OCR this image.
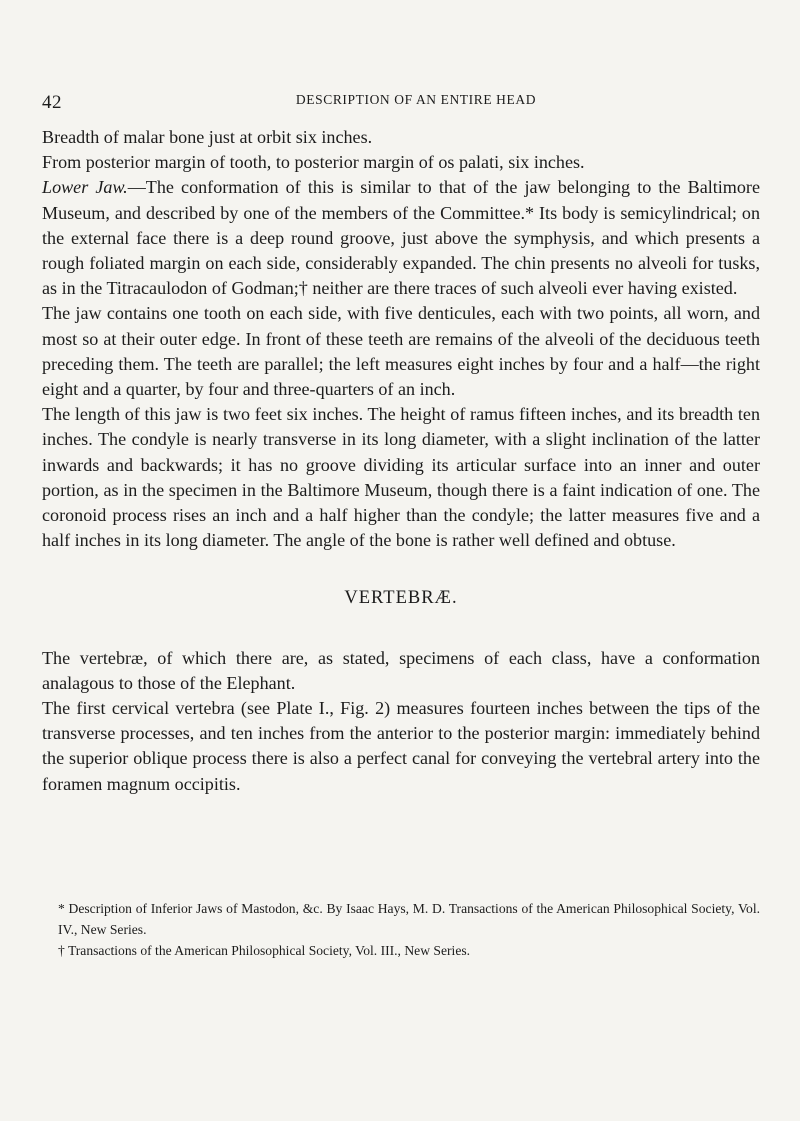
42	DESCRIPTION OF AN ENTIRE HEAD

Breadth of malar bone just at orbit six inches.

From posterior margin of tooth, to posterior margin of os palati, six inches.

Lower Jaw.—The conformation of this is similar to that of the jaw belonging to the Baltimore Museum, and described by one of the members of the Committee.* Its body is semicylindrical; on the external face there is a deep round groove, just above the symphysis, and which presents a rough foliated margin on each side, considerably expanded. The chin presents no alveoli for tusks, as in the Titracaulodon of Godman;† neither are there traces of such alveoli ever having existed.

The jaw contains one tooth on each side, with five denticules, each with two points, all worn, and most so at their outer edge. In front of these teeth are remains of the alveoli of the deciduous teeth preceding them. The teeth are parallel; the left measures eight inches by four and a half—the right eight and a quarter, by four and three-quarters of an inch.

The length of this jaw is two feet six inches. The height of ramus fifteen inches, and its breadth ten inches. The condyle is nearly transverse in its long diameter, with a slight inclination of the latter inwards and backwards; it has no groove dividing its articular surface into an inner and outer portion, as in the specimen in the Baltimore Museum, though there is a faint indication of one. The coronoid process rises an inch and a half higher than the condyle; the latter measures five and a half inches in its long diameter. The angle of the bone is rather well defined and obtuse.

VERTEBRÆ.

The vertebræ, of which there are, as stated, specimens of each class, have a conformation analagous to those of the Elephant.

The first cervical vertebra (see Plate I., Fig. 2) measures fourteen inches between the tips of the transverse processes, and ten inches from the anterior to the posterior margin: immediately behind the superior oblique process there is also a perfect canal for conveying the vertebral artery into the foramen magnum occipitis.

* Description of Inferior Jaws of Mastodon, &c. By Isaac Hays, M. D. Transactions of the American Philosophical Society, Vol. IV., New Series.

† Transactions of the American Philosophical Society, Vol. III., New Series.
